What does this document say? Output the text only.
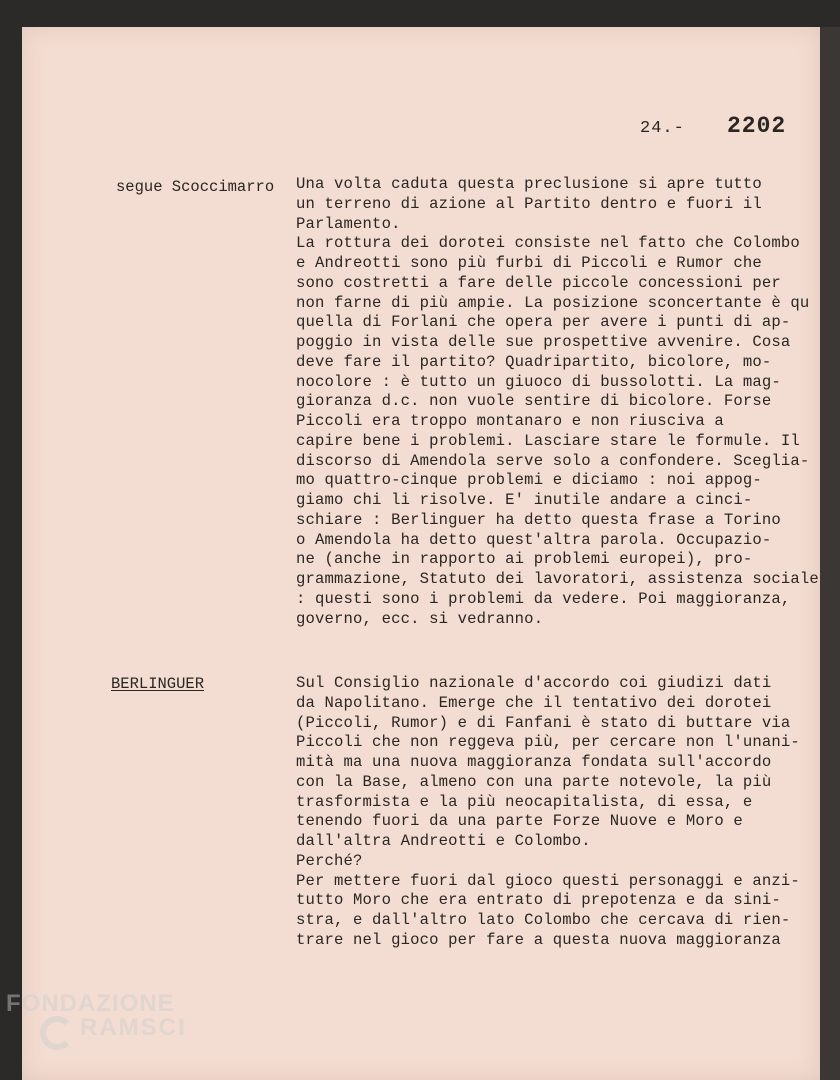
24.- 2202
segue Scoccimarro Una volta caduta questa preclusione si apre tutto
un terreno di azione al Partito dentro e fuori il
Parlamento.
La rottura dei dorotei consiste nel fatto che Colombo
e Andreotti sono più furbi di Piccoli e Rumor che
sono costretti a fare delle piccole concessioni per
non farne di più ampie. La posizione sconcertante è qu
quella di Forlani che opera per avere i punti di ap-
poggio in vista delle sue prospettive avvenire. Cosa
deve fare il partito? Quadripartito, bicolore, mo-
nocolore : è tutto un giuoco di bussolotti. La mag-
gioranza d.c. non vuole sentire di bicolore. Forse
Piccoli era troppo montanaro e non riusciva a
capire bene i problemi. Lasciare stare le formule. Il
discorso di Amendola serve solo a confondere. Sceglia-
mo quattro-cinque problemi e diciamo : noi appog-
giamo chi li risolve. E' inutile andare a cinci-
schiare : Berlinguer ha detto questa frase a Torino
o Amendola ha detto quest'altra parola. Occupazio-
ne (anche in rapporto ai problemi europei), pro-
grammazione, Statuto dei lavoratori, assistenza sociale
: questi sono i problemi da vedere. Poi maggioranza,
governo, ecc. si vedranno.
BERLINGUER	Sul Consiglio nazionale d'accordo coi giudizi dati
da Napolitano. Emerge che il tentativo dei dorotei
(Piccoli, Rumor) e di Fanfani è stato di buttare via
Piccoli che non reggeva più, per cercare non l'unani-
mità ma una nuova maggioranza fondata sull'accordo
con la Base, almeno con una parte notevole, la più
trasformista e la più neocapitalista, di essa, e
tenendo fuori da una parte Forze Nuove e Moro e
dall'altra Andreotti e Colombo.
Perché?
Per mettere fuori dal gioco questi personaggi e anzi-
tutto Moro che era entrato di prepotenza e da sini-
stra, e dall'altro lato Colombo che cercava di rien-
trare nel gioco per fare a questa nuova maggioranza
FONDAZIONE
RAMSCI
